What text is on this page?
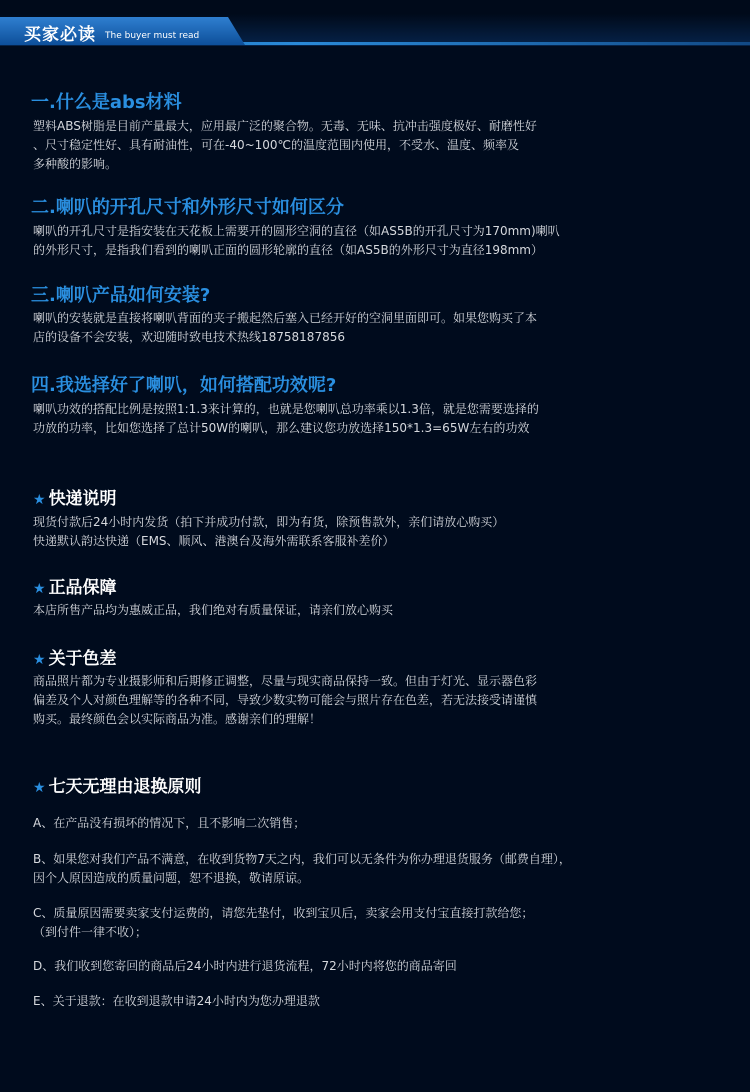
买家必读 The buyer must read
一.什么是abs材料

塑料ABS树脂是目前产量最大，应用最广泛的聚合物。无毒、无味、抗冲击强度极好、耐磨性好

、尺寸稳定性好、具有耐油性，可在-40~100℃的温度范围内使用，不受水、温度、频率及

多种酸的影响。

二.喇叭的开孔尺寸和外形尺寸如何区分

喇叭的开孔尺寸是指安装在天花板上需要开的圆形空洞的直径（如AS5B的开孔尺寸为170mm)喇叭

的外形尺寸，是指我们看到的喇叭正面的圆形轮廓的直径（如AS5B的外形尺寸为直径198mm）

三.喇叭产品如何安装?

喇叭的安装就是直接将喇叭背面的夹子搬起然后塞入已经开好的空洞里面即可。如果您购买了本

店的设备不会安装，欢迎随时致电技术热线18758187856

四.我选择好了喇叭，如何搭配功效呢?

喇叭功效的搭配比例是按照1:1.3来计算的，也就是您喇叭总功率乘以1.3倍，就是您需要选择的

功放的功率，比如您选择了总计50W的喇叭，那么建议您功放选择150*1.3=65W左右的功效

★ 快递说明

现货付款后24小时内发货（拍下并成功付款，即为有货，除预售款外，亲们请放心购买）

快递默认韵达快递（EMS、顺风、港澳台及海外需联系客服补差价）

★ 正品保障

本店所售产品均为惠威正品，我们绝对有质量保证，请亲们放心购买

★ 关于色差

商品照片都为专业摄影师和后期修正调整，尽量与现实商品保持一致。但由于灯光、显示器色彩

偏差及个人对颜色理解等的各种不同，导致少数实物可能会与照片存在色差，若无法接受请谨慎

购买。最终颜色会以实际商品为准。感谢亲们的理解！

★ 七天无理由退换原则

A、在产品没有损坏的情况下，且不影响二次销售；

B、如果您对我们产品不满意，在收到货物7天之内，我们可以无条件为你办理退货服务（邮费自理），

因个人原因造成的质量问题，恕不退换，敬请原谅。

C、质量原因需要卖家支付运费的，请您先垫付，收到宝贝后，卖家会用支付宝直接打款给您；

（到付件一律不收）；

D、我们收到您寄回的商品后24小时内进行退货流程，72小时内将您的商品寄回

E、关于退款：在收到退款申请24小时内为您办理退款
